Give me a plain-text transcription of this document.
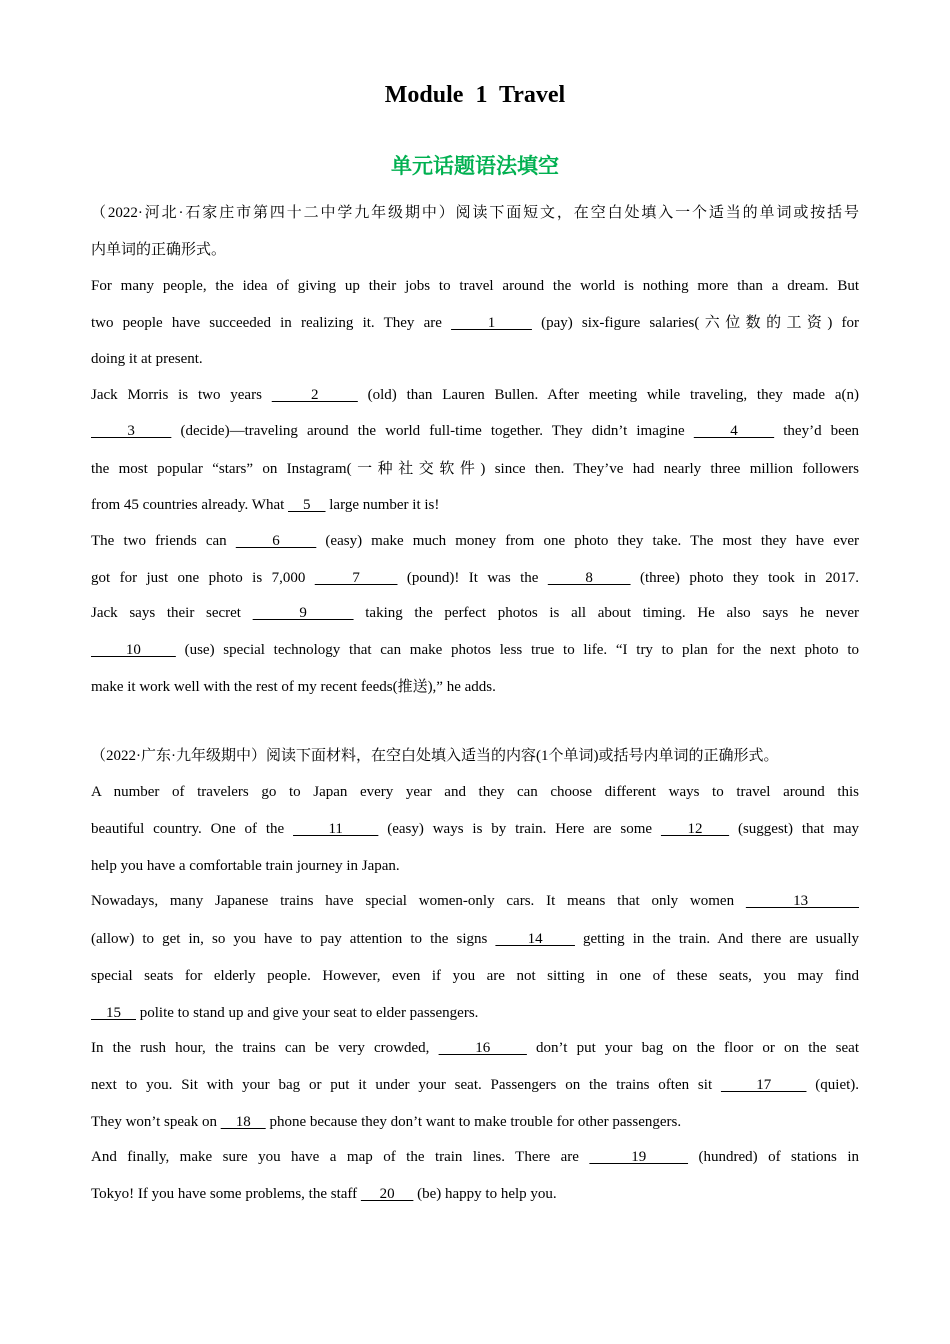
Module 1 Travel
单元话题语法填空
（2022·河北·石家庄市第四十二中学九年级期中）阅读下面短文，在空白处填入一个适当的单词或按括号
内单词的正确形式。
For many people, the idea of giving up their jobs to travel around the world is nothing more than a dream. But
two people have succeeded in realizing it. They are     1     (pay) six-figure salaries(六位数的工资) for
doing it at present.
Jack Morris is two years     2     (old) than Lauren Bullen. After meeting while traveling, they made a(n)
3     (decide)—traveling around the world full-time together. They didn’t imagine     4     they’d been
the most popular “stars” on Instagram(一种社交软件) since then. They’ve had nearly three million followers
from 45 countries already. What     5     large number it is!
The two friends can     6     (easy) make much money from one photo they take. The most they have ever
got for just one photo is 7,000     7     (pound)! It was the     8     (three) photo they took in 2017.
Jack says their secret     9     taking the perfect photos is all about timing. He also says he never
10     (use) special technology that can make photos less true to life. “I try to plan for the next photo to
make it work well with the rest of my recent feeds(推送),” he adds.
（2022·广东·九年级期中）阅读下面材料，在空白处填入适当的内容(1个单词)或括号内单词的正确形式。
A number of travelers go to Japan every year and they can choose different ways to travel around this
beautiful country. One of the     11     (easy) ways is by train. Here are some    12    (suggest) that may
help you have a comfortable train journey in Japan.
Nowadays, many Japanese trains have special women-only cars. It means that only women     13
(allow) to get in, so you have to pay attention to the signs     14     getting in the train. And there are usually
special seats for elderly people. However, even if you are not sitting in one of these seats, you may find
15     polite to stand up and give your seat to elder passengers.
In the rush hour, the trains can be very crowded,     16     don’t put your bag on the floor or on the seat
next to you. Sit with your bag or put it under your seat. Passengers on the trains often sit     17     (quiet).
They won’t speak on     18     phone because they don’t want to make trouble for other passengers.
And finally, make sure you have a map of the train lines. There are     19     (hundred) of stations in
Tokyo! If you have some problems, the staff      20      (be) happy to help you.
